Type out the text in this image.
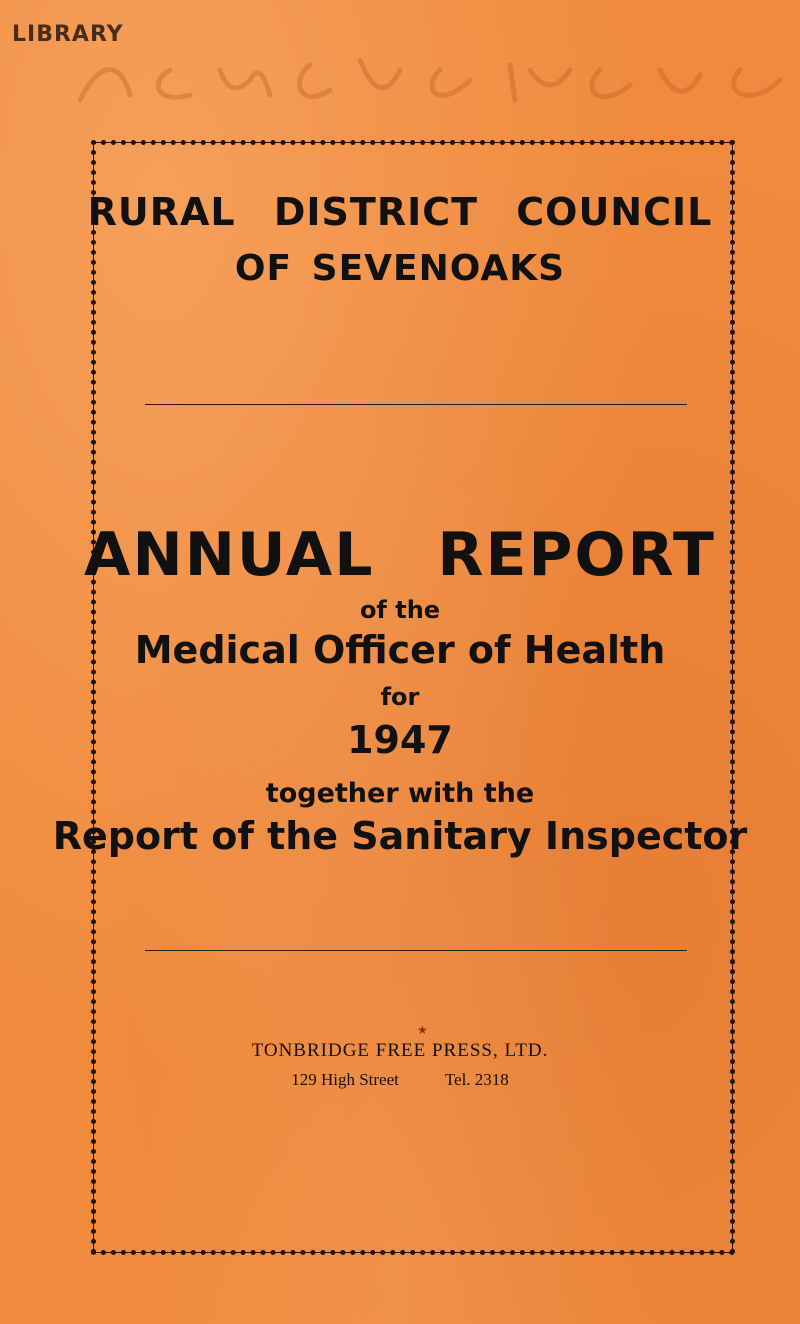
LIBRARY
RURAL DISTRICT COUNCIL
OF SEVENOAKS
ANNUAL REPORT
of the
Medical Officer of Health
for
1947
together with the
Report of the Sanitary Inspector
★
TONBRIDGE FREE PRESS, LTD.
129 High Street	Tel. 2318
